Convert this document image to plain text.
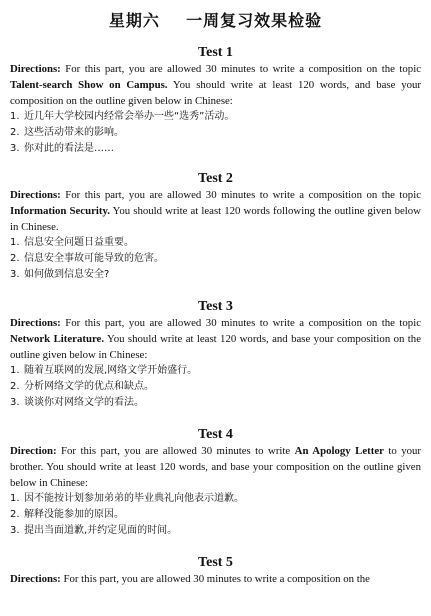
星期六    一周复习效果检验
Test 1

Directions: For this part, you are allowed 30 minutes to write a composition on the topic Talent-search Show on Campus. You should write at least 120 words, and base your composition on the outline given below in Chinese:

1. 近几年大学校园内经常会举办一些“选秀”活动。
2. 这些活动带来的影响。
3. 你对此的看法是……
Test 2

Directions: For this part, you are allowed 30 minutes to write a composition on the topic Information Security. You should write at least 120 words following the outline given below in Chinese.

1. 信息安全问题日益重要。
2. 信息安全事故可能导致的危害。
3. 如何做到信息安全?
Test 3

Directions: For this part, you are allowed 30 minutes to write a composition on the topic Network Literature. You should write at least 120 words, and base your composition on the outline given below in Chinese:

1. 随着互联网的发展,网络文学开始盛行。
2. 分析网络文学的优点和缺点。
3. 谈谈你对网络文学的看法。
Test 4

Direction: For this part, you are allowed 30 minutes to write An Apology Letter to your brother. You should write at least 120 words, and base your composition on the outline given below in Chinese:

1. 因不能按计划参加弟弟的毕业典礼向他表示道歉。
2. 解释没能参加的原因。
3. 提出当面道歉,并约定见面的时间。
Test 5

Directions: For this part, you are allowed 30 minutes to write a composition on the
